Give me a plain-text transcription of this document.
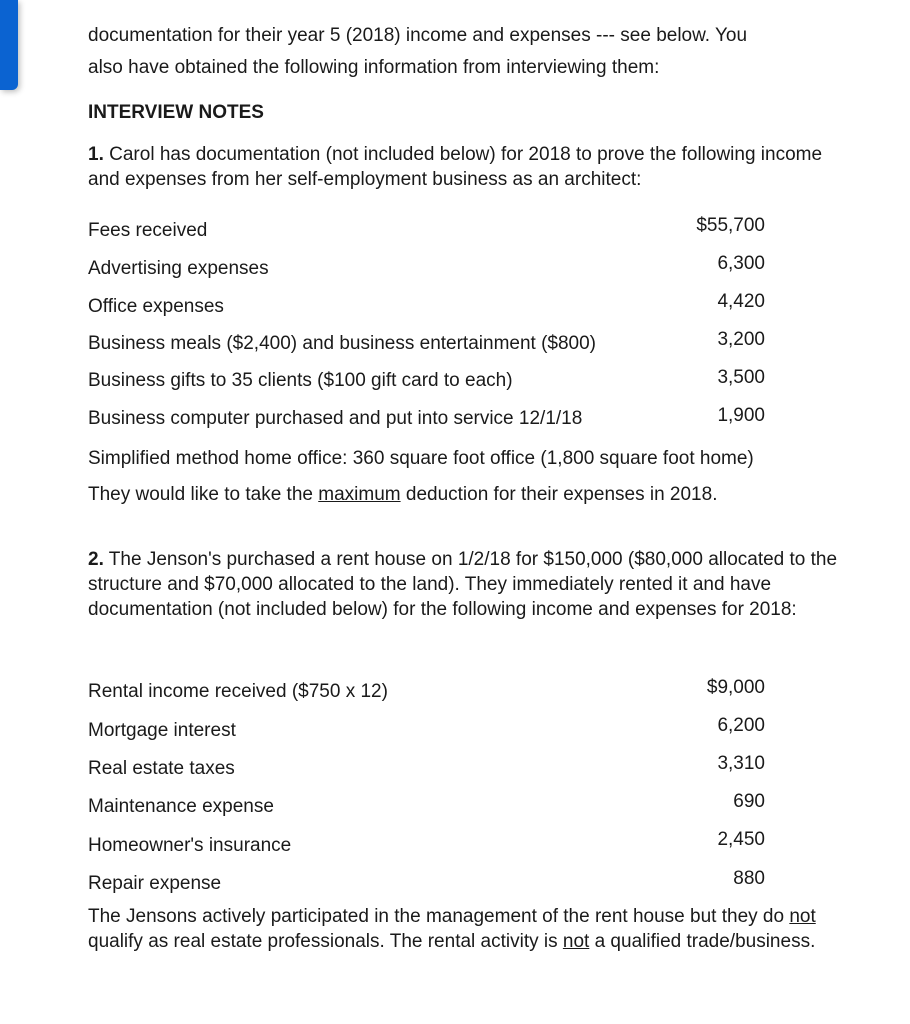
documentation for their year 5 (2018) income and expenses --- see below. You
also have obtained the following information from interviewing them:
INTERVIEW NOTES
1. Carol has documentation (not included below) for 2018 to prove the following income and expenses from her self-employment business as an architect:
Fees received	$55,700
Advertising expenses	6,300
Office expenses	4,420
Business meals ($2,400) and business entertainment ($800)	3,200
Business gifts to 35 clients ($100 gift card to each)	3,500
Business computer purchased and put into service 12/1/18	1,900
Simplified method home office: 360 square foot office (1,800 square foot home)
They would like to take the maximum deduction for their expenses in 2018.
2. The Jenson's purchased a rent house on 1/2/18 for $150,000 ($80,000 allocated to the structure and $70,000 allocated to the land). They immediately rented it and have documentation (not included below) for the following income and expenses for 2018:
Rental income received ($750 x 12)	$9,000
Mortgage interest	6,200
Real estate taxes	3,310
Maintenance expense	690
Homeowner's insurance	2,450
Repair expense	880
The Jensons actively participated in the management of the rent house but they do not qualify as real estate professionals. The rental activity is not a qualified trade/business.
